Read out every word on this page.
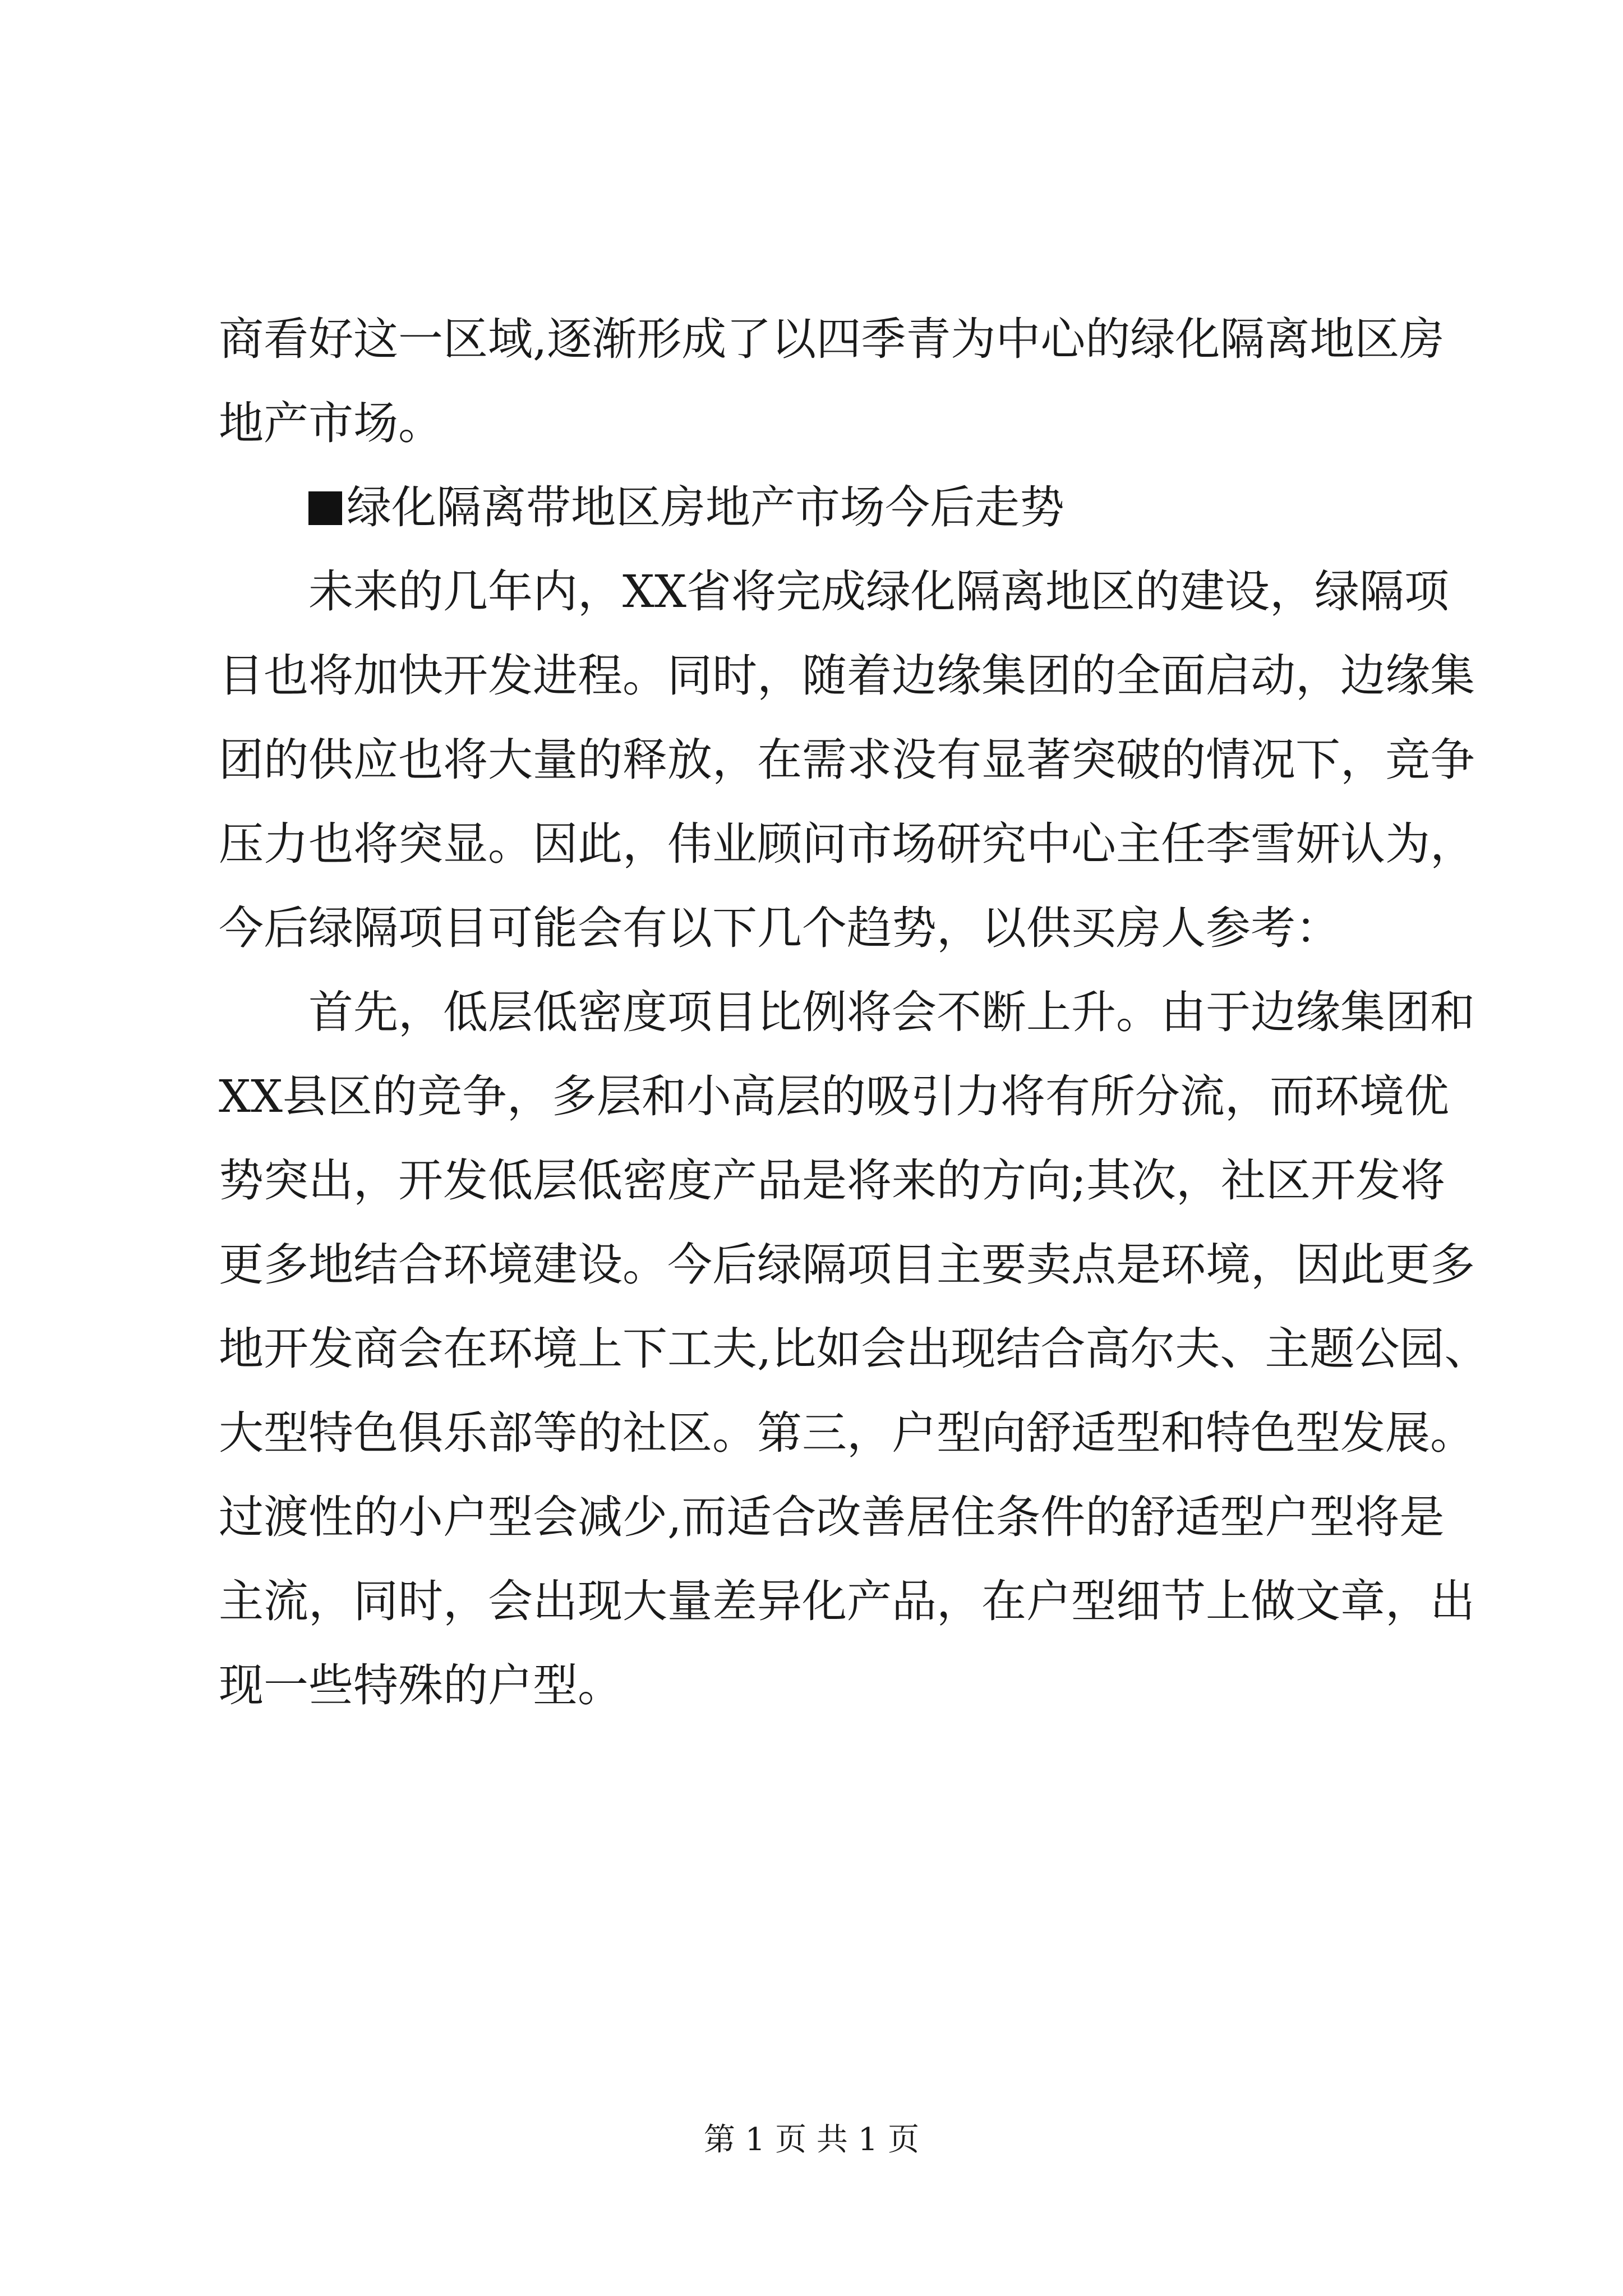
商看好这一区域,逐渐形成了以四季青为中心的绿化隔离地区房
地产市场。
绿化隔离带地区房地产市场今后走势
未来的几年内，XX省将完成绿化隔离地区的建设，绿隔项
目也将加快开发进程。同时，随着边缘集团的全面启动，边缘集
团的供应也将大量的释放，在需求没有显著突破的情况下，竞争
压力也将突显。因此，伟业顾问市场研究中心主任李雪妍认为，
今后绿隔项目可能会有以下几个趋势，以供买房人参考：
首先，低层低密度项目比例将会不断上升。由于边缘集团和
XX县区的竞争，多层和小高层的吸引力将有所分流，而环境优
势突出，开发低层低密度产品是将来的方向;其次，社区开发将
更多地结合环境建设。今后绿隔项目主要卖点是环境，因此更多
地开发商会在环境上下工夫,比如会出现结合高尔夫、主题公园、
大型特色俱乐部等的社区。第三，户型向舒适型和特色型发展。
过渡性的小户型会减少,而适合改善居住条件的舒适型户型将是
主流，同时，会出现大量差异化产品，在户型细节上做文章，出
现一些特殊的户型。
第 1 页 共 1 页
